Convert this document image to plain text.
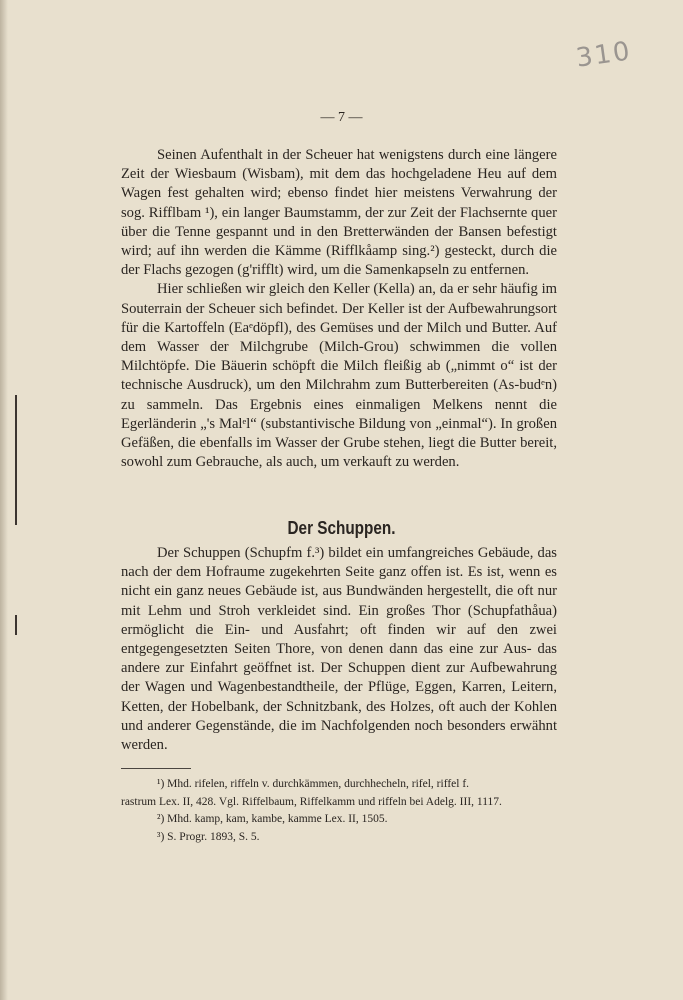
310
— 7 —

Seinen Aufenthalt in der Scheuer hat wenigstens durch eine längere Zeit der Wiesbaum (Wisbam), mit dem das hochgeladene Heu auf dem Wagen fest gehalten wird; ebenso findet hier meistens Verwahrung der sog. Rifflbam ¹), ein langer Baumstamm, der zur Zeit der Flachsernte quer über die Tenne gespannt und in den Bretterwänden der Bansen befestigt wird; auf ihn werden die Kämme (Rifflkåamp sing.²) gesteckt, durch die der Flachs gezogen (g'rifflt) wird, um die Samenkapseln zu entfernen.

Hier schließen wir gleich den Keller (Kella) an, da er sehr häufig im Souterrain der Scheuer sich befindet. Der Keller ist der Aufbewahrungsort für die Kartoffeln (Eaᵉdöpfl), des Gemüses und der Milch und Butter. Auf dem Wasser der Milchgrube (Milch-Grou) schwimmen die vollen Milchtöpfe. Die Bäuerin schöpft die Milch fleißig ab („nimmt o“ ist der technische Ausdruck), um den Milchrahm zum Butterbereiten (As-budᵉn) zu sammeln. Das Ergebnis eines einmaligen Melkens nennt die Egerländerin „'s Malᵉl“ (substantivische Bildung von „einmal“). In großen Gefäßen, die ebenfalls im Wasser der Grube stehen, liegt die Butter bereit, sowohl zum Gebrauche, als auch, um verkauft zu werden.

Der Schuppen.

Der Schuppen (Schupfm f.³) bildet ein umfangreiches Gebäude, das nach der dem Hofraume zugekehrten Seite ganz offen ist. Es ist, wenn es nicht ein ganz neues Gebäude ist, aus Bundwänden hergestellt, die oft nur mit Lehm und Stroh verkleidet sind. Ein großes Thor (Schupfathåua) ermöglicht die Ein- und Ausfahrt; oft finden wir auf den zwei entgegengesetzten Seiten Thore, von denen dann das eine zur Aus- das andere zur Einfahrt geöffnet ist. Der Schuppen dient zur Aufbewahrung der Wagen und Wagenbestandtheile, der Pflüge, Eggen, Karren, Leitern, Ketten, der Hobelbank, der Schnitzbank, des Holzes, oft auch der Kohlen und anderer Gegenstände, die im Nachfolgenden noch besonders erwähnt werden.

¹) Mhd. rifelen, riffeln v. durchkämmen, durchhecheln, rifel, riffel f.

rastrum Lex. II, 428. Vgl. Riffelbaum, Riffelkamm und riffeln bei Adelg. III, 1117.

²) Mhd. kamp, kam, kambe, kamme Lex. II, 1505.

³) S. Progr. 1893, S. 5.
